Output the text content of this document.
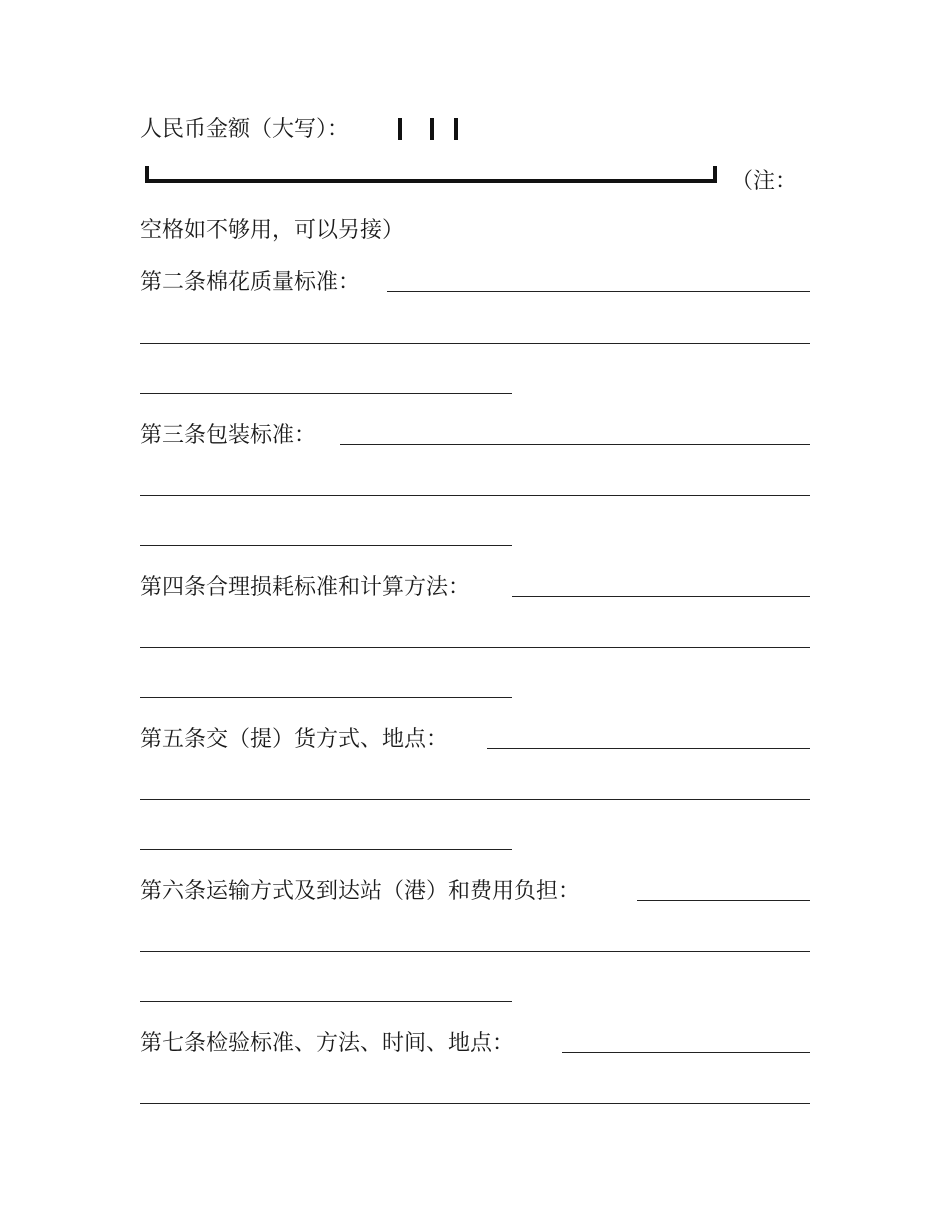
人民币金额（大写）：
（注：
空格如不够用，可以另接）
第二条棉花质量标准：
第三条包装标准：
第四条合理损耗标准和计算方法：
第五条交（提）货方式、地点：
第六条运输方式及到达站（港）和费用负担：
第七条检验标准、方法、时间、地点：
